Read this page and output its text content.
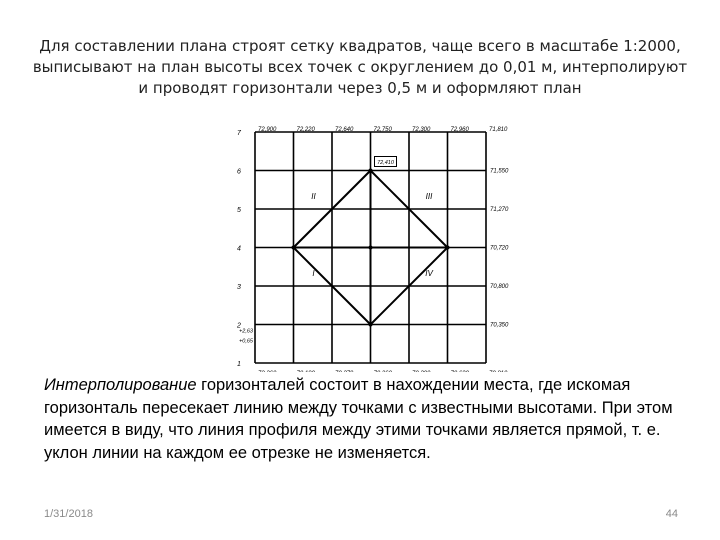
Для составлении плана строят сетку квадратов, чаще всего в масштабе 1:2000, выписывают на план высоты всех точек с округлением до 0,01 м, интерполируют и проводят горизонтали через 0,5 м и оформляют план
7
6
5
4
3
2
1
72,900	72,220	72,640	72,750	72,300	72,960	71,810
71,550
71,270
70,720
70,800
70,350
+2,63
+0,65
II	III
I	IV
72,410
Интерполирование горизонталей состоит в нахождении места, где искомая горизонталь пересекает линию между точками с известными высотами. При этом имеется в виду, что линия профиля между этими точками является прямой, т. е. уклон линии на каждом ее отрезке не изменяется.
1/31/2018	44
